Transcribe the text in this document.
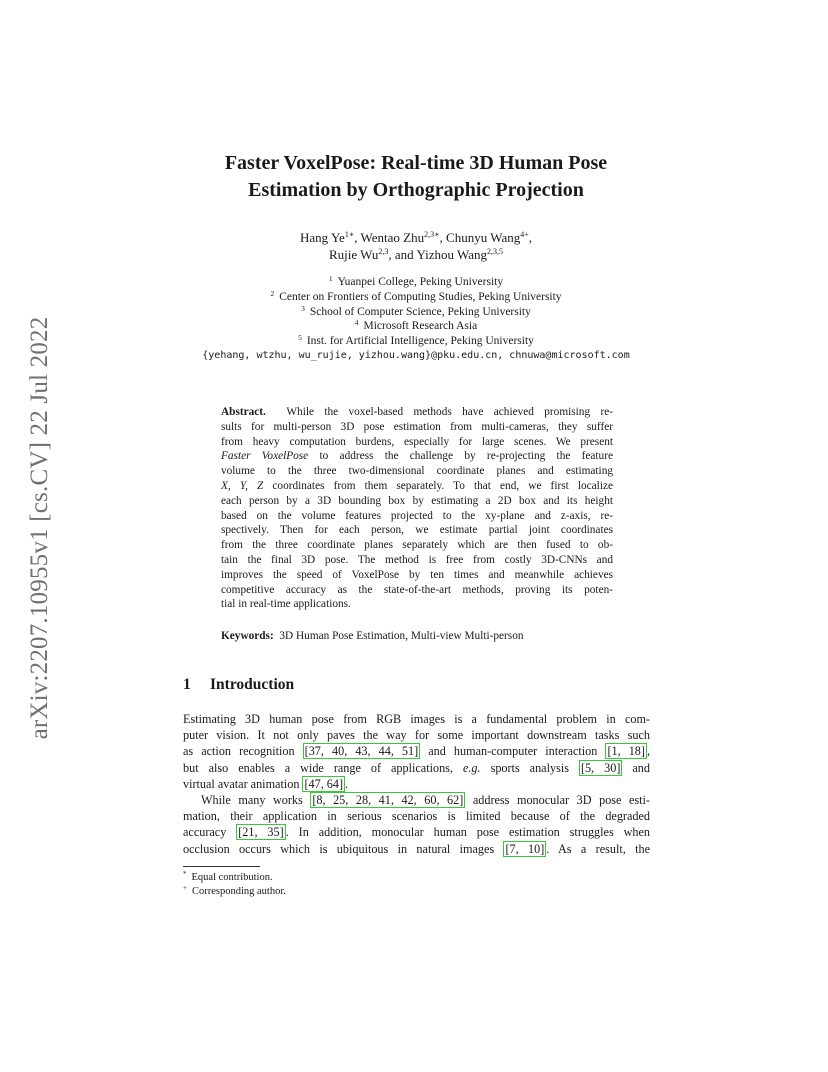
arXiv:2207.10955v1 [cs.CV] 22 Jul 2022
Faster VoxelPose: Real-time 3D Human Pose
Estimation by Orthographic Projection
Hang $Ye^{1∗}$, Wentao Zhu$^{2,3∗}$, Chunyu Wang$^{4+}$,
Rujie Wu$^{2,3}$, and Yizhou Wang$^{2,3,5}$
$^1$ Yuanpei College, Peking University
$^2$ Center on Frontiers of Computing Studies, Peking University
$^3$ School of Computer Science, Peking University
$^4$ Microsoft Research Asia
$^5$ Inst. for Artificial Intelligence, Peking University
{yehang, wtzhu, wu_rujie, yizhou.wang}@pku.edu.cn, chnuwa@microsoft.com
Abstract. While the voxel-based methods have achieved promising re-
sults for multi-person 3D pose estimation from multi-cameras, they suffer
from heavy computation burdens, especially for large scenes. We present
Faster VoxelPose to address the challenge by re-projecting the feature
volume to the three two-dimensional coordinate planes and estimating
X, Y, Z coordinates from them separately. To that end, we first localize
each person by a 3D bounding box by estimating a 2D box and its height
based on the volume features projected to the xy-plane and z-axis, re-
spectively. Then for each person, we estimate partial joint coordinates
from the three coordinate planes separately which are then fused to ob-
tain the final 3D pose. The method is free from costly 3D-CNNs and
improves the speed of VoxelPose by ten times and meanwhile achieves
competitive accuracy as the state-of-the-art methods, proving its poten-
tial in real-time applications.
Keywords: 3D Human Pose Estimation, Multi-view Multi-person
1 Introduction
Estimating 3D human pose from RGB images is a fundamental problem in com-
puter vision. It not only paves the way for some important downstream tasks such
as action recognition [37, 40, 43, 44, 51] and human-computer interaction [1, 18] ,
but also enables a wide range of applications, e.g. sports analysis [5, 30] and
virtual avatar animation [47, 64] .
While many works [8, 25, 28, 41, 42, 60, 62] address monocular 3D pose esti-
mation, their application in serious scenarios is limited because of the degraded
accuracy [21, 35] . In addition, monocular human pose estimation struggles when
occlusion occurs which is ubiquitous in natural images [7, 10] . As a result, the
* Equal contribution.
+ Corresponding author.
